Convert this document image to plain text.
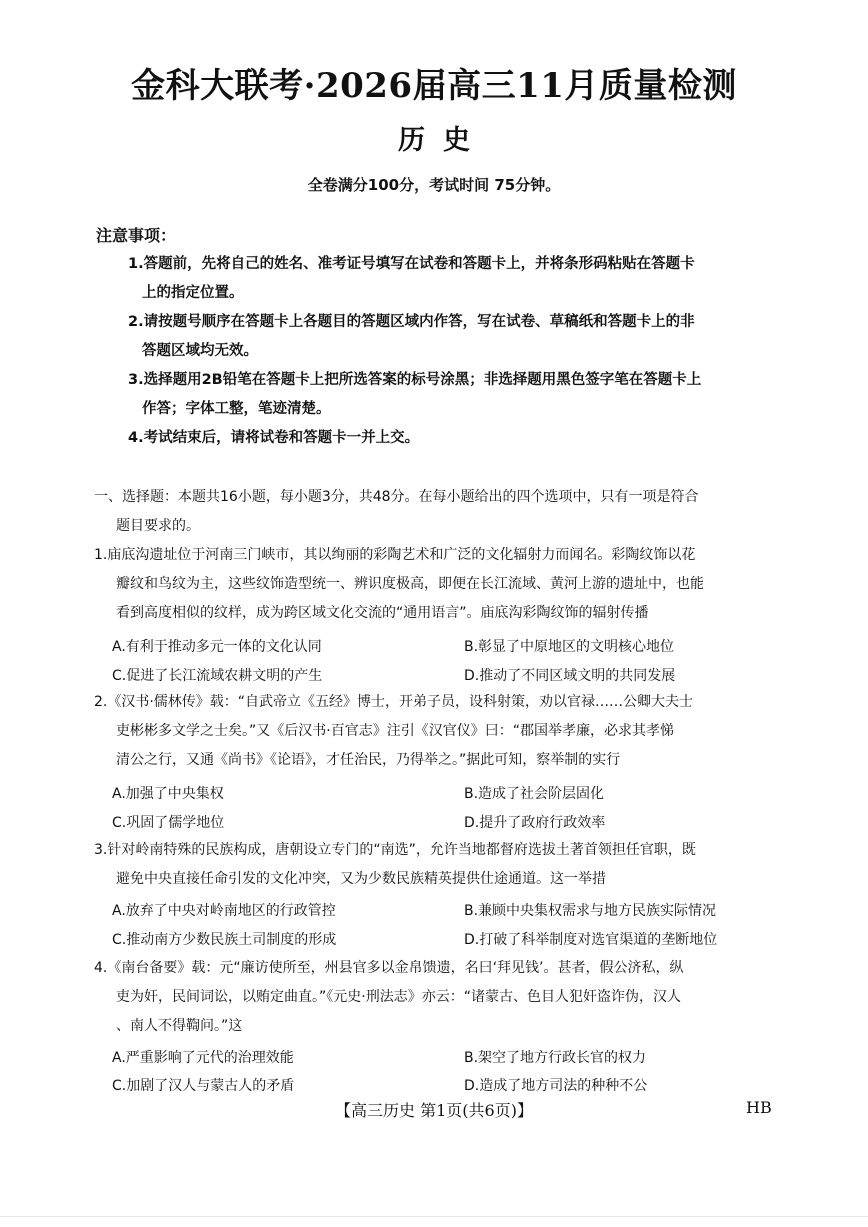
金科大联考·2026届高三11月质量检测
历史
全卷满分100分，考试时间 75分钟。
注意事项：
1.答题前，先将自己的姓名、准考证号填写在试卷和答题卡上，并将条形码粘贴在答题卡
上的指定位置。
2.请按题号顺序在答题卡上各题目的答题区域内作答，写在试卷、草稿纸和答题卡上的非
答题区域均无效。
3.选择题用2B铅笔在答题卡上把所选答案的标号涂黑；非选择题用黑色签字笔在答题卡上
作答；字体工整，笔迹清楚。
4.考试结束后，请将试卷和答题卡一并上交。
一、选择题：本题共16小题，每小题3分，共48分。在每小题给出的四个选项中，只有一项是符合
题目要求的。
1.庙底沟遗址位于河南三门峡市，其以绚丽的彩陶艺术和广泛的文化辐射力而闻名。彩陶纹饰以花
瓣纹和鸟纹为主，这些纹饰造型统一、辨识度极高，即便在长江流域、黄河上游的遗址中，也能
看到高度相似的纹样，成为跨区域文化交流的“通用语言”。庙底沟彩陶纹饰的辐射传播
A.有利于推动多元一体的文化认同	B.彰显了中原地区的文明核心地位
C.促进了长江流域农耕文明的产生	D.推动了不同区域文明的共同发展
2.《汉书·儒林传》载：“自武帝立《五经》博士，开弟子员，设科射策，劝以官禄……公卿大夫士
吏彬彬多文学之士矣。”又《后汉书·百官志》注引《汉官仪》曰：“郡国举孝廉，必求其孝悌
清公之行，又通《尚书》《论语》，才任治民，乃得举之。”据此可知，察举制的实行
A.加强了中央集权	B.造成了社会阶层固化
C.巩固了儒学地位	D.提升了政府行政效率
3.针对岭南特殊的民族构成，唐朝设立专门的“南选”，允许当地都督府选拔土著首领担任官职，既
避免中央直接任命引发的文化冲突，又为少数民族精英提供仕途通道。这一举措
A.放弃了中央对岭南地区的行政管控	B.兼顾中央集权需求与地方民族实际情况
C.推动南方少数民族土司制度的形成	D.打破了科举制度对选官渠道的垄断地位
4.《南台备要》载：元“廉访使所至，州县官多以金帛馈遗，名曰‘拜见钱’。甚者，假公济私，纵
吏为奸，民间词讼，以贿定曲直。”《元史·刑法志》亦云：“诸蒙古、色目人犯奸盗诈伪，汉人
、南人不得鞫问。”这
A.严重影响了元代的治理效能	B.架空了地方行政长官的权力
C.加剧了汉人与蒙古人的矛盾	D.造成了地方司法的种种不公
【高三历史 第1页(共6页)】	HB
